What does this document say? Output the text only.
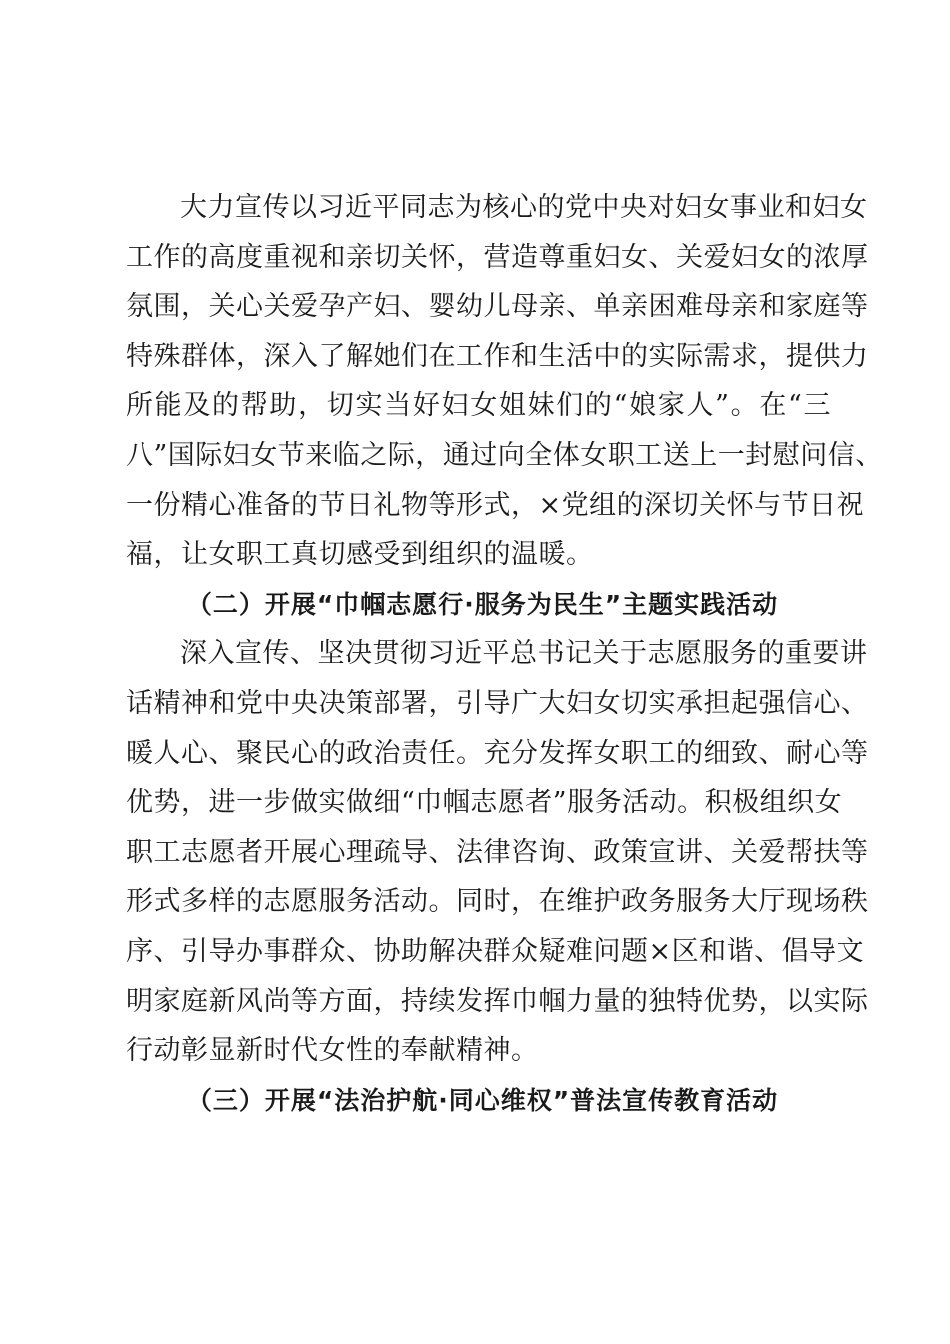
大力宣传以习近平同志为核心的党中央对妇女事业和妇女
工作的高度重视和亲切关怀，营造尊重妇女、关爱妇女的浓厚
氛围，关心关爱孕产妇、婴幼儿母亲、单亲困难母亲和家庭等
特殊群体，深入了解她们在工作和生活中的实际需求，提供力
所能及的帮助，切实当好妇女姐妹们的“娘家人”。在“三
八”国际妇女节来临之际，通过向全体女职工送上一封慰问信、
一份精心准备的节日礼物等形式，×党组的深切关怀与节日祝
福，让女职工真切感受到组织的温暖。
（二）开展“巾帼志愿行·服务为民生”主题实践活动
深入宣传、坚决贯彻习近平总书记关于志愿服务的重要讲
话精神和党中央决策部署，引导广大妇女切实承担起强信心、
暖人心、聚民心的政治责任。充分发挥女职工的细致、耐心等
优势，进一步做实做细“巾帼志愿者”服务活动。积极组织女
职工志愿者开展心理疏导、法律咨询、政策宣讲、关爱帮扶等
形式多样的志愿服务活动。同时，在维护政务服务大厅现场秩
序、引导办事群众、协助解决群众疑难问题×区和谐、倡导文
明家庭新风尚等方面，持续发挥巾帼力量的独特优势，以实际
行动彰显新时代女性的奉献精神。
（三）开展“法治护航·同心维权”普法宣传教育活动
